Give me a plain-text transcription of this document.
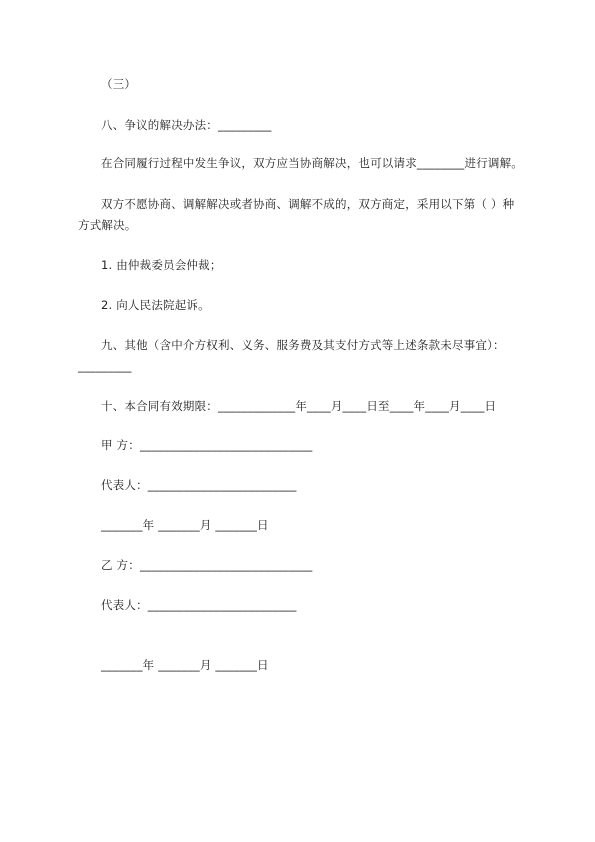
（三）
八、争议的解决办法：_________
在合同履行过程中发生争议，双方应当协商解决，也可以请求________进行调解。
双方不愿协商、调解解决或者协商、调解不成的，双方商定，采用以下第（ ）种
方式解决。
1. 由仲裁委员会仲裁；
2. 向人民法院起诉。
九、其他（含中介方权利、义务、服务费及其支付方式等上述条款未尽事宜）：
_________
十、本合同有效期限：_____________年____月____日至____年____月____日
甲 方：_____________________________
代表人：_________________________
_______年 _______月 _______日
乙 方：_____________________________
代表人：_________________________
_______年 _______月 _______日
